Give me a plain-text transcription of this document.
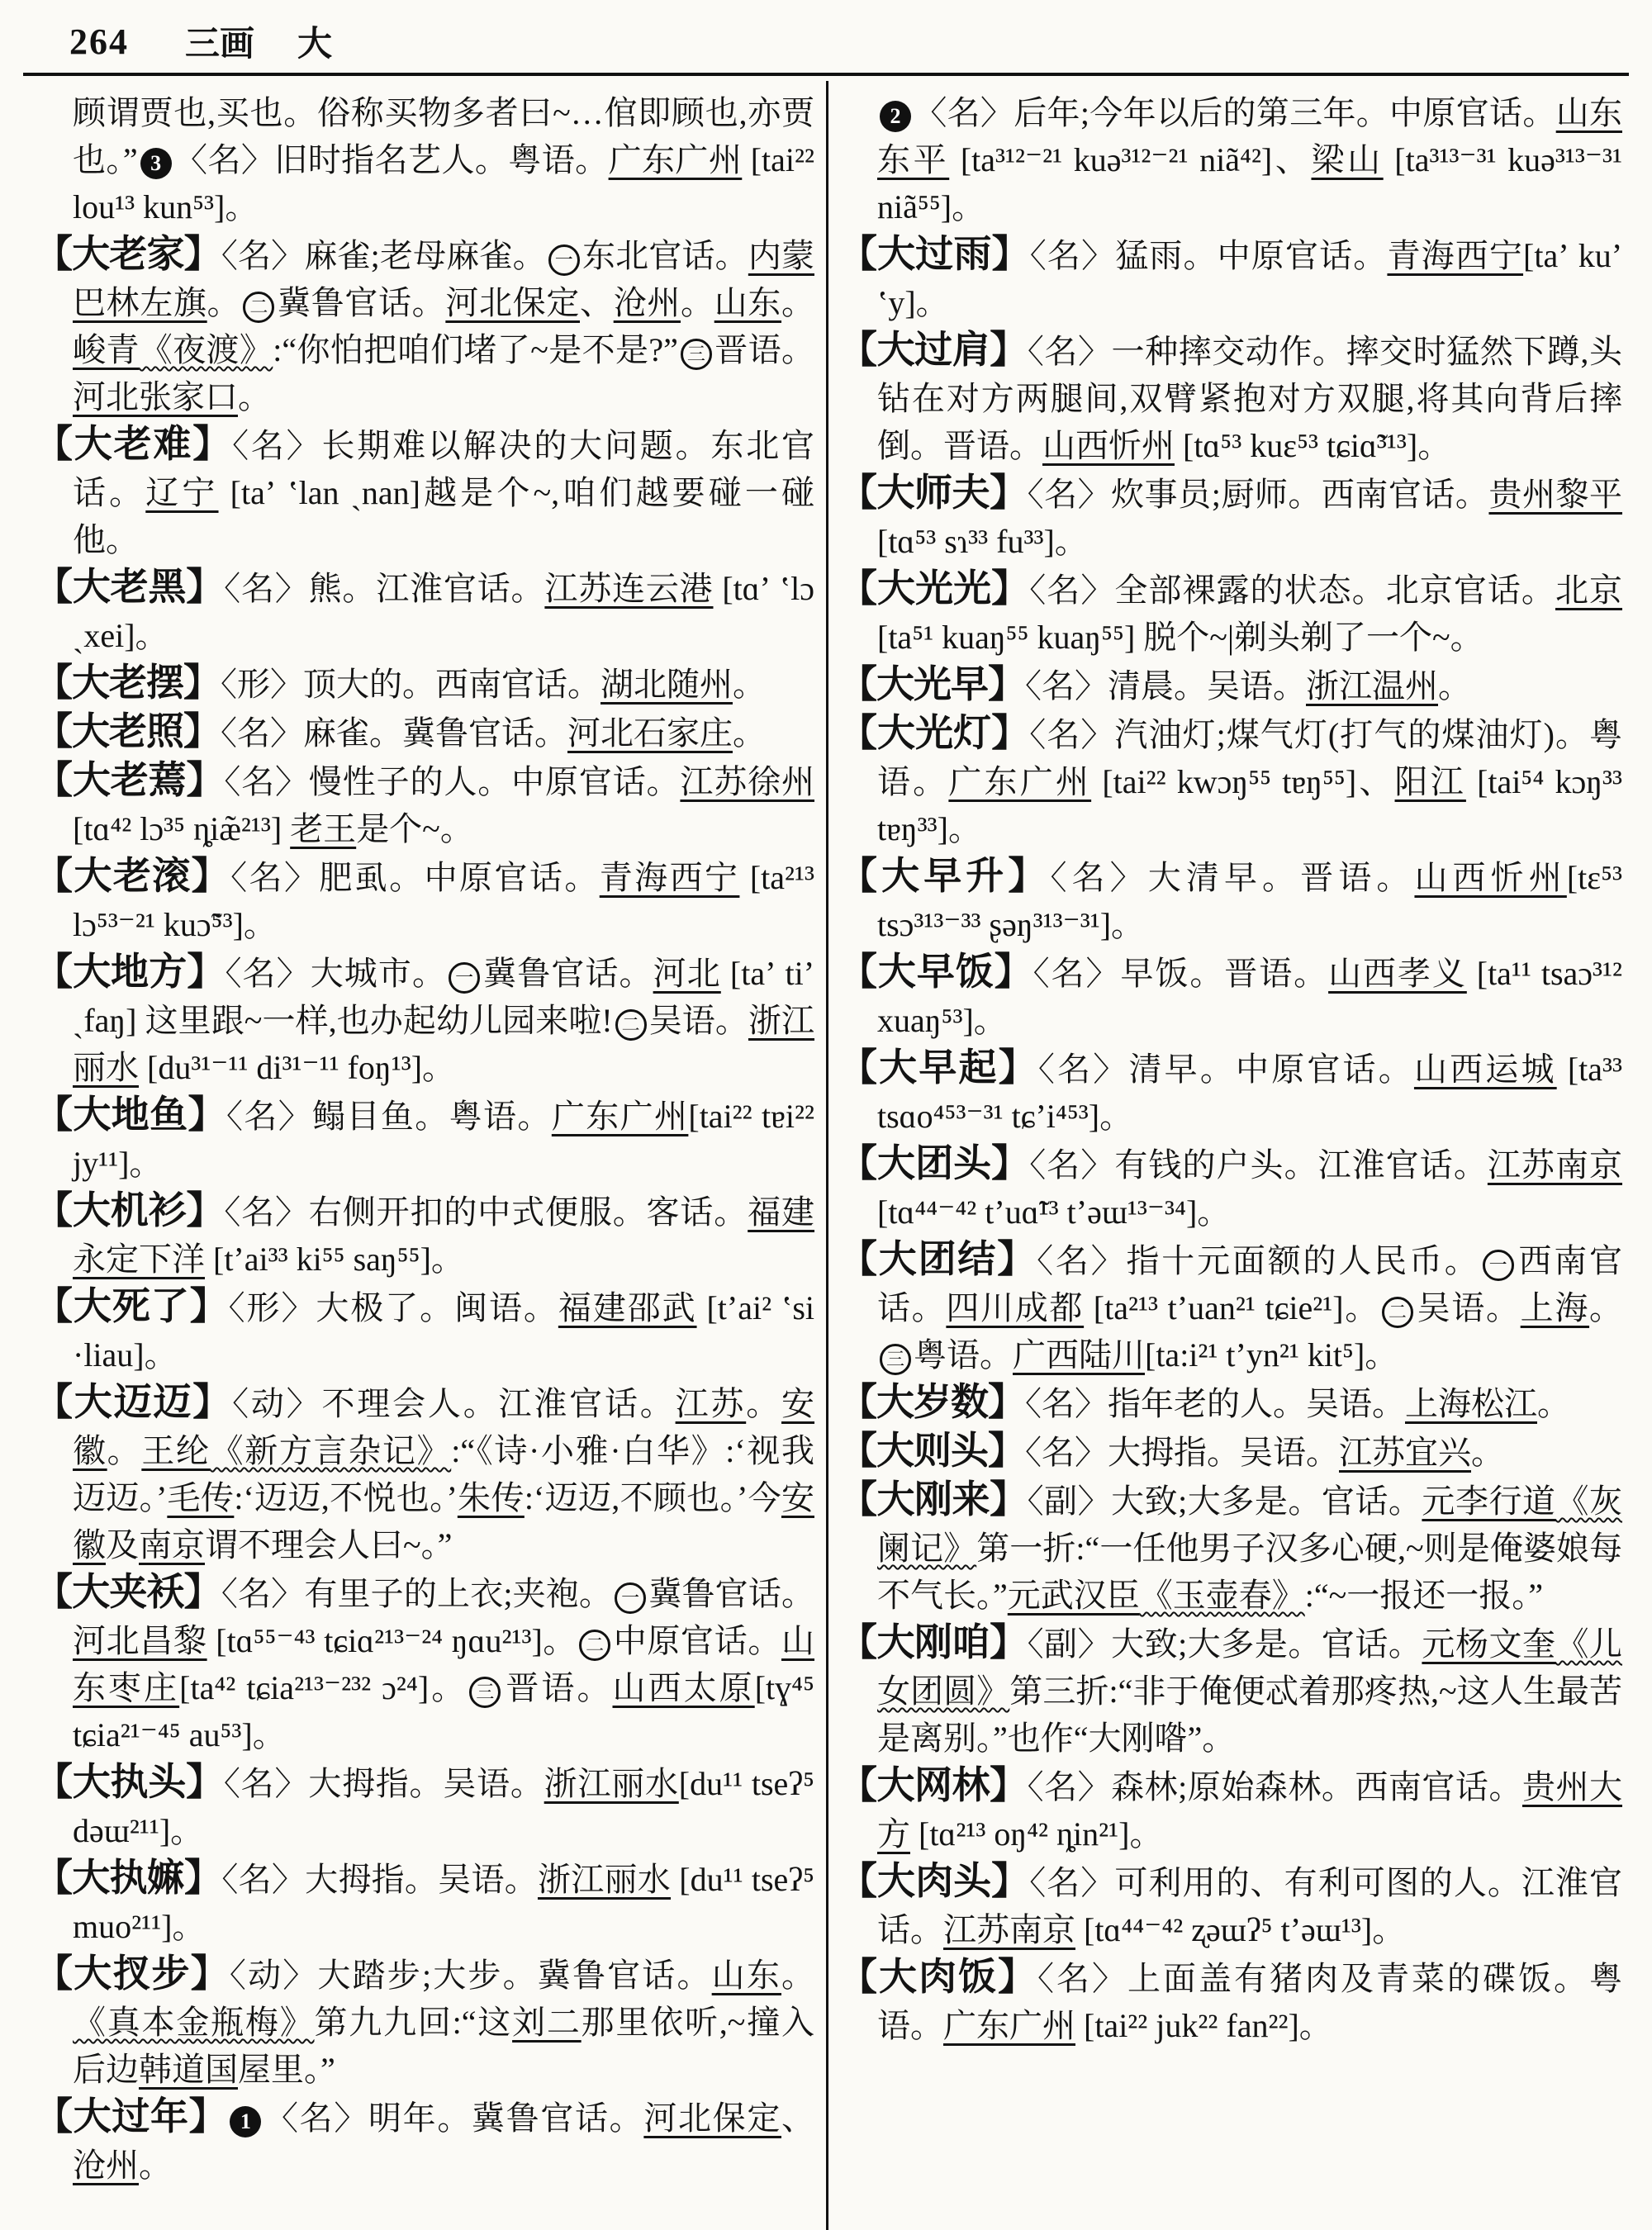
264 三画 大

顾谓贾也,买也。俗称买物多者曰~…倌即顾也,亦贾也。” 3 〈名〉旧时指名艺人。粤语。广东广州 [tai²² lou¹³ kun⁵³]。

【大老家】〈名〉麻雀;老母麻雀。 一 东北官话。内蒙巴林左旗。 二 冀鲁官话。河北保定、沧州。山东。峻青《夜渡》:“你怕把咱们堵了~是不是?” 三 晋语。河北张家口。

【大老难】〈名〉长期难以解决的大问题。东北官话。辽宁 [taʼ ʽlan ˎnan]越是个~,咱们越要碰一碰他。

【大老黑】〈名〉熊。江淮官话。江苏连云港 [tɑʼ ʽlɔ ˎxei]。

【大老摆】〈形〉顶大的。西南官话。湖北随州。

【大老照】〈名〉麻雀。冀鲁官话。河北石家庄。

【大老蔫】〈名〉慢性子的人。中原官话。江苏徐州 [tɑ⁴² lɔ³⁵ ȵiæ̃²¹³] 老王是个~。

【大老滚】〈名〉肥虱。中原官话。青海西宁 [ta²¹³ lɔ⁵³⁻²¹ kuɔ̃⁵³]。

【大地方】〈名〉大城市。 一 冀鲁官话。河北 [taʼ tiʼ ˎfaŋ] 这里跟~一样,也办起幼儿园来啦! 二 吴语。浙江丽水 [du³¹⁻¹¹ di³¹⁻¹¹ foŋ¹³]。

【大地鱼】〈名〉鳎目鱼。粤语。广东广州[tai²² tɐi²² jy¹¹]。

【大机衫】〈名〉右侧开扣的中式便服。客话。福建永定下洋 [tʼai³³ ki⁵⁵ saŋ⁵⁵]。

【大死了】〈形〉大极了。闽语。福建邵武 [tʼai² ʽsi ·liau]。

【大迈迈】〈动〉不理会人。江淮官话。江苏。安徽。王纶《新方言杂记》:“《诗·小雅·白华》:‘视我迈迈。’毛传:‘迈迈,不悦也。’朱传:‘迈迈,不顾也。’今安徽及南京谓不理会人曰~。”

【大夹袄】〈名〉有里子的上衣;夹袍。 一 冀鲁官话。河北昌黎 [tɑ⁵⁵⁻⁴³ tɕiɑ²¹³⁻²⁴ ŋɑu²¹³]。 二 中原官话。山东枣庄[ta⁴² tɕia²¹³⁻²³² ɔ²⁴]。 三 晋语。山西太原[tɣ⁴⁵ tɕia²¹⁻⁴⁵ au⁵³]。

【大执头】〈名〉大拇指。吴语。浙江丽水[du¹¹ tseʔ⁵ dəɯ²¹¹]。

【大执嫲】〈名〉大拇指。吴语。浙江丽水 [du¹¹ tseʔ⁵ muo²¹¹]。

【大扠步】〈动〉大踏步;大步。冀鲁官话。山东。《真本金瓶梅》第九九回:“这刘二那里依听,~撞入后边韩道国屋里。”

【大过年】 1 〈名〉明年。冀鲁官话。河北保定、沧州。

2 〈名〉后年;今年以后的第三年。中原官话。山东东平 [ta³¹²⁻²¹ kuə³¹²⁻²¹ niã⁴²]、梁山 [ta³¹³⁻³¹ kuə³¹³⁻³¹ niã⁵⁵]。

【大过雨】〈名〉猛雨。中原官话。青海西宁[taʼ kuʼ ʽy]。

【大过肩】〈名〉一种摔交动作。摔交时猛然下蹲,头钻在对方两腿间,双臂紧抱对方双腿,将其向背后摔倒。晋语。山西忻州 [tɑ⁵³ kuɛ⁵³ tɕiɑ̃³¹³]。

【大师夫】〈名〉炊事员;厨师。西南官话。贵州黎平 [tɑ⁵³ sɿ³³ fu³³]。

【大光光】〈名〉全部裸露的状态。北京官话。北京 [ta⁵¹ kuaŋ⁵⁵ kuaŋ⁵⁵] 脱个~|剃头剃了一个~。

【大光早】〈名〉清晨。吴语。浙江温州。

【大光灯】〈名〉汽油灯;煤气灯(打气的煤油灯)。粤语。广东广州 [tai²² kwɔŋ⁵⁵ tɐŋ⁵⁵]、阳江 [tai⁵⁴ kɔŋ³³ tɐŋ³³]。

【大早升】〈名〉大清早。晋语。山西忻州[tɛ⁵³ tsɔ³¹³⁻³³ ʂəŋ³¹³⁻³¹]。

【大早饭】〈名〉早饭。晋语。山西孝义 [ta¹¹ tsaɔ³¹² xuaŋ⁵³]。

【大早起】〈名〉清早。中原官话。山西运城 [ta³³ tsɑo⁴⁵³⁻³¹ tɕʼi⁴⁵³]。

【大团头】〈名〉有钱的户头。江淮官话。江苏南京 [tɑ⁴⁴⁻⁴² tʼuɑ̃¹³ tʼəɯ¹³⁻³⁴]。

【大团结】〈名〉指十元面额的人民币。 一 西南官话。四川成都 [ta²¹³ tʼuan²¹ tɕie²¹]。 二 吴语。上海。三 粤语。广西陆川[ta:i²¹ tʼyn²¹ kit⁵]。

【大岁数】〈名〉指年老的人。吴语。上海松江。

【大则头】〈名〉大拇指。吴语。江苏宜兴。

【大刚来】〈副〉大致;大多是。官话。元李行道《灰阑记》第一折:“一任他男子汉多心硬,~则是俺婆娘每不气长。”元武汉臣《玉壶春》:“~一报还一报。”

【大刚咱】〈副〉大致;大多是。官话。元杨文奎《儿女团圆》第三折:“非于俺便忒着那疼热,~这人生最苦是离别。”也作“大刚喒”。

【大网林】〈名〉森林;原始森林。西南官话。贵州大方 [tɑ²¹³ oŋ⁴² ȵin²¹]。

【大肉头】〈名〉可利用的、有利可图的人。江淮官话。江苏南京 [tɑ⁴⁴⁻⁴² ʐəɯʔ⁵ tʼəɯ¹³]。

【大肉饭】〈名〉上面盖有猪肉及青菜的碟饭。粤语。广东广州 [tai²² juk²² fan²²]。
